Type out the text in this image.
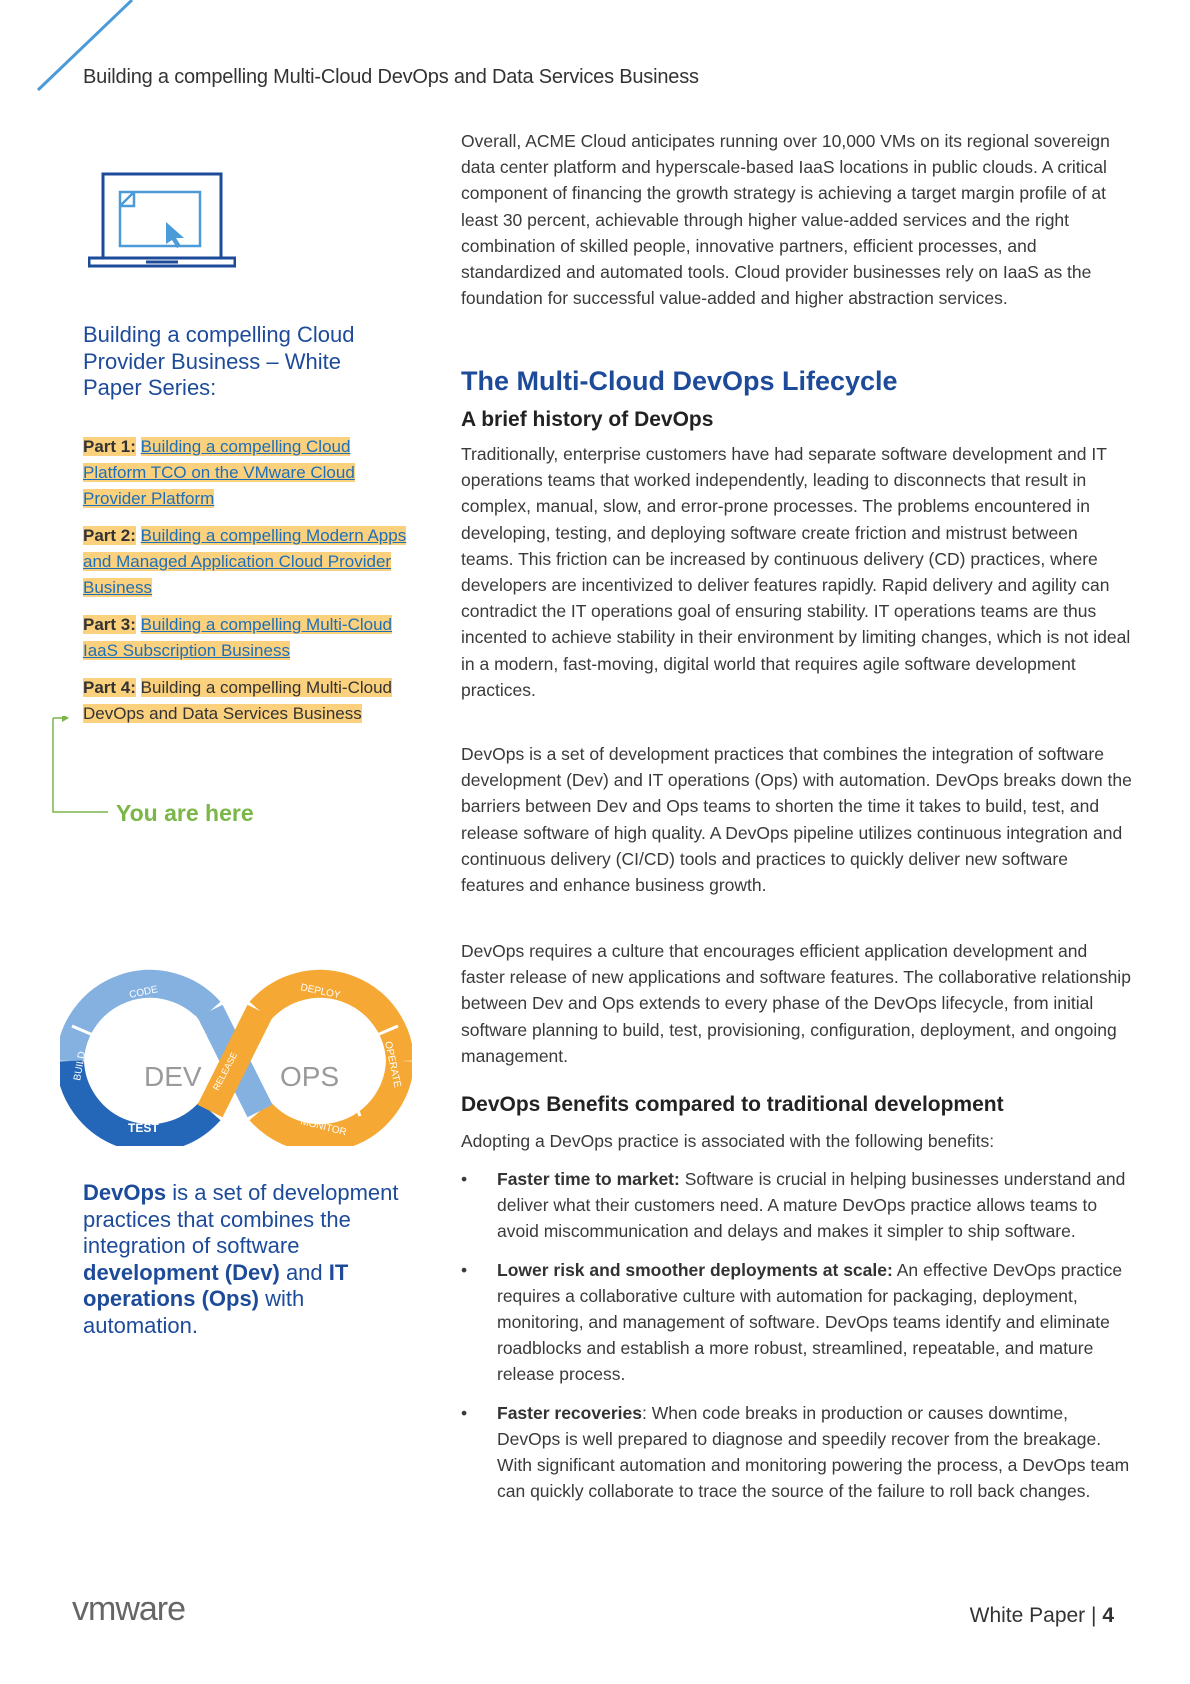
Building a compelling Multi-Cloud DevOps and Data Services Business
Building a compelling Cloud Provider Business – White Paper Series:
Part 1: Building a compelling Cloud Platform TCO on the VMware Cloud Provider Platform
Part 2: Building a compelling Modern Apps and Managed Application Cloud Provider Business
Part 3: Building a compelling Multi-Cloud IaaS Subscription Business
Part 4: Building a compelling Multi-Cloud DevOps and Data Services Business
You are here
DEV	OPS
CODE
BUILD
TEST
PLAN
RELEASE
DEPLOY
OPERATE
MONITOR
DevOps is a set of development practices that combines the integration of software development (Dev) and IT operations (Ops) with automation.

Overall, ACME Cloud anticipates running over 10,000 VMs on its regional sovereign data center platform and hyperscale-based IaaS locations in public clouds. A critical component of financing the growth strategy is achieving a target margin profile of at least 30 percent, achievable through higher value-added services and the right combination of skilled people, innovative partners, efficient processes, and standardized and automated tools. Cloud provider businesses rely on IaaS as the foundation for successful value-added and higher abstraction services.

The Multi-Cloud DevOps Lifecycle
A brief history of DevOps

Traditionally, enterprise customers have had separate software development and IT operations teams that worked independently, leading to disconnects that result in complex, manual, slow, and error-prone processes. The problems encountered in developing, testing, and deploying software create friction and mistrust between teams. This friction can be increased by continuous delivery (CD) practices, where developers are incentivized to deliver features rapidly. Rapid delivery and agility can contradict the IT operations goal of ensuring stability. IT operations teams are thus incented to achieve stability in their environment by limiting changes, which is not ideal in a modern, fast-moving, digital world that requires agile software development practices.

DevOps is a set of development practices that combines the integration of software development (Dev) and IT operations (Ops) with automation. DevOps breaks down the barriers between Dev and Ops teams to shorten the time it takes to build, test, and release software of high quality. A DevOps pipeline utilizes continuous integration and continuous delivery (CI/CD) tools and practices to quickly deliver new software features and enhance business growth.

DevOps requires a culture that encourages efficient application development and faster release of new applications and software features. The collaborative relationship between Dev and Ops extends to every phase of the DevOps lifecycle, from initial software planning to build, test, provisioning, configuration, deployment, and ongoing management.

DevOps Benefits compared to traditional development

Adopting a DevOps practice is associated with the following benefits:

• Faster time to market: Software is crucial in helping businesses understand and deliver what their customers need. A mature DevOps practice allows teams to avoid miscommunication and delays and makes it simpler to ship software.
• Lower risk and smoother deployments at scale: An effective DevOps practice requires a collaborative culture with automation for packaging, deployment, monitoring, and management of software. DevOps teams identify and eliminate roadblocks and establish a more robust, streamlined, repeatable, and mature release process.
• Faster recoveries: When code breaks in production or causes downtime, DevOps is well prepared to diagnose and speedily recover from the breakage. With significant automation and monitoring powering the process, a DevOps team can quickly collaborate to trace the source of the failure to roll back changes.
vmware	White Paper | 4
